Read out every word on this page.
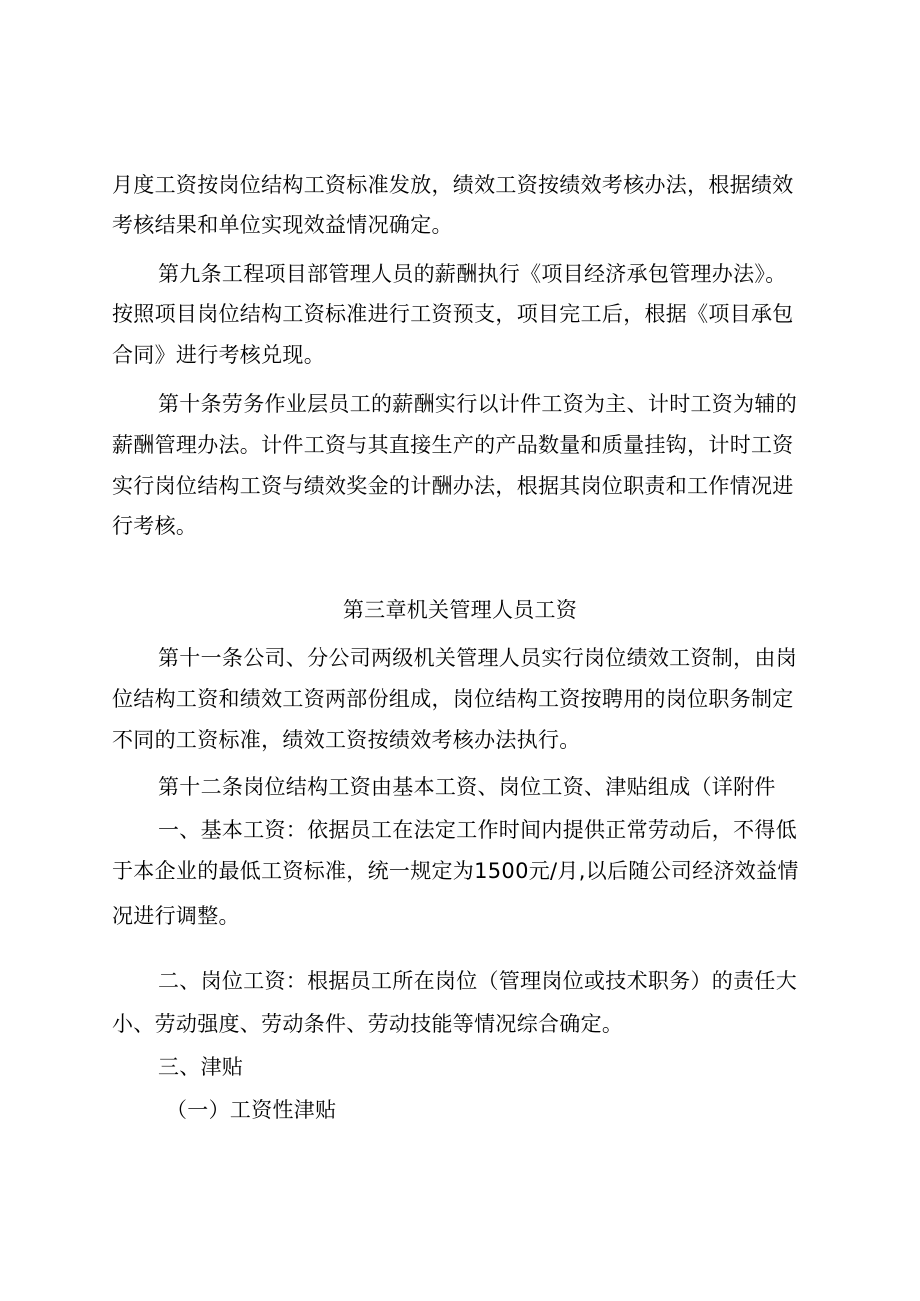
月度工资按岗位结构工资标准发放，绩效工资按绩效考核办法，根据绩效
考核结果和单位实现效益情况确定。
第九条工程项目部管理人员的薪酬执行《项目经济承包管理办法》。
按照项目岗位结构工资标准进行工资预支，项目完工后，根据《项目承包
合同》进行考核兑现。
第十条劳务作业层员工的薪酬实行以计件工资为主、计时工资为辅的
薪酬管理办法。计件工资与其直接生产的产品数量和质量挂钩，计时工资
实行岗位结构工资与绩效奖金的计酬办法，根据其岗位职责和工作情况进
行考核。
第三章机关管理人员工资
第十一条公司、分公司两级机关管理人员实行岗位绩效工资制，由岗
位结构工资和绩效工资两部份组成，岗位结构工资按聘用的岗位职务制定
不同的工资标准，绩效工资按绩效考核办法执行。
第十二条岗位结构工资由基本工资、岗位工资、津贴组成（详附件
一、基本工资：依据员工在法定工作时间内提供正常劳动后，不得低
于本企业的最低工资标准，统一规定为1500元/月,以后随公司经济效益情
况进行调整。
二、岗位工资：根据员工所在岗位（管理岗位或技术职务）的责任大
小、劳动强度、劳动条件、劳动技能等情况综合确定。
三、津贴
（一）工资性津贴
